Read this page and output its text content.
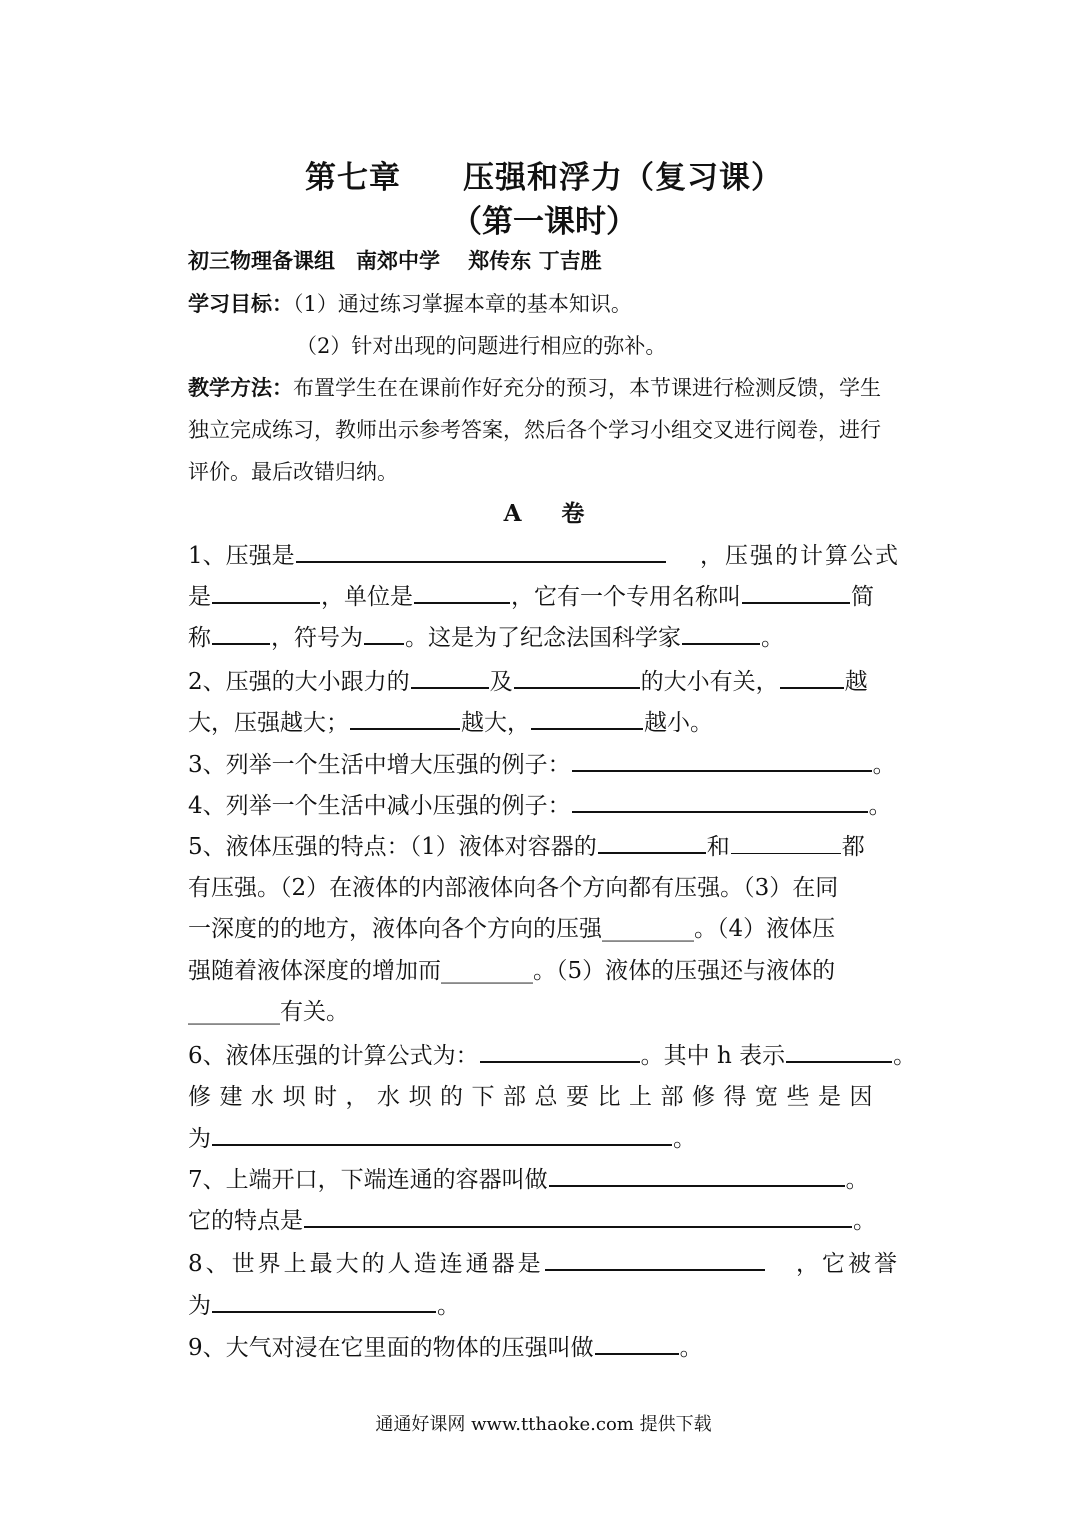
第七章 压强和浮力（复习课）
（第一课时）
初三物理备课组　南郊中学　 郑传东 丁吉胜
学习目标：（1）通过练习掌握本章的基本知识。
（2）针对出现的问题进行相应的弥补。
教学方法：布置学生在在课前作好充分的预习，本节课进行检测反馈，学生
独立完成练习，教师出示参考答案，然后各个学习小组交叉进行阅卷，进行
评价。最后改错归纳。
A 卷
1、压强是	，压强的计算公式
是	，单位是	，它有一个专用名称叫	简
称	，符号为 。这是为了纪念法国科学家	。
2、压强的大小跟力的	及	的大小有关，	越
大，压强越大；	越大，	越小。
3、列举一个生活中增大压强的例子：	。
4、列举一个生活中减小压强的例子：	。
5、液体压强的特点：（1）液体对容器的	和	都
有压强。（2）在液体的内部液体向各个方向都有压强。（3）在同
一深度的的地方，液体向各个方向的压强________。（4）液体压
强随着液体深度的增加而________。（5）液体的压强还与液体的
________有关。
6、液体压强的计算公式为：	。其中 h 表示	。
修建水坝时，水坝的下部总要比上部修得宽些是因
为	。
7、上端开口，下端连通的容器叫做	。
它的特点是	。
8、世界上最大的人造连通器是	，它被誉
为	。
9、大气对浸在它里面的物体的压强叫做	。
通通好课网 www.tthaoke.com 提供下载
